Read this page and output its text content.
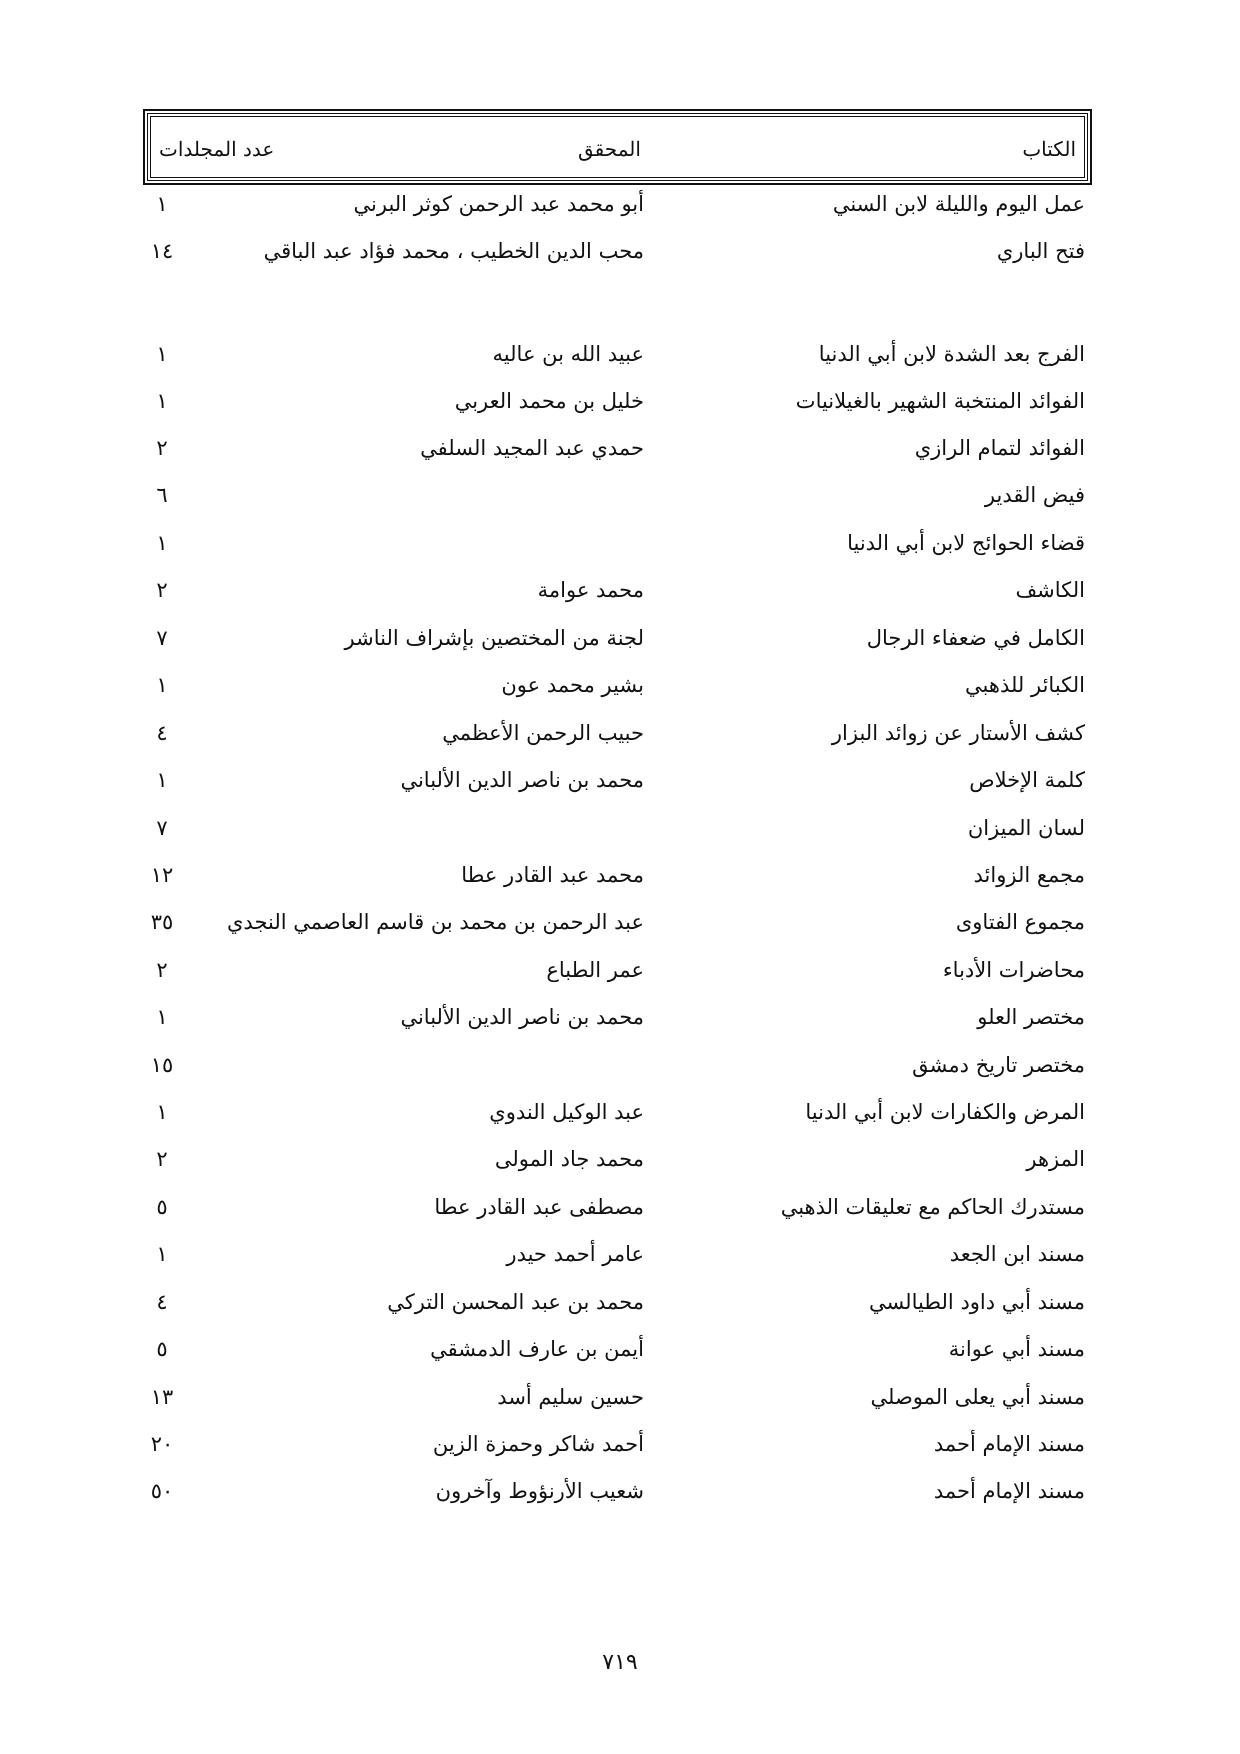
الكتاب
المحقق
عدد المجلدات
عمل اليوم والليلة لابن السني
أبو محمد عبد الرحمن كوثر البرني
١
فتح الباري
محب الدين الخطيب ، محمد فؤاد عبد الباقي
١٤
الفرج بعد الشدة لابن أبي الدنيا
عبيد الله بن عاليه
١
الفوائد المنتخبة الشهير بالغيلانيات
خليل بن محمد العربي
١
الفوائد لتمام الرازي
حمدي عبد المجيد السلفي
٢
فيض القدير
٦
قضاء الحوائج لابن أبي الدنيا
١
الكاشف
محمد عوامة
٢
الكامل في ضعفاء الرجال
لجنة من المختصين بإشراف الناشر
٧
الكبائر للذهبي
بشير محمد عون
١
كشف الأستار عن زوائد البزار
حبيب الرحمن الأعظمي
٤
كلمة الإخلاص
محمد بن ناصر الدين الألباني
١
لسان الميزان
٧
مجمع الزوائد
محمد عبد القادر عطا
١٢
مجموع الفتاوى
عبد الرحمن بن محمد بن قاسم العاصمي النجدي
٣٥
محاضرات الأدباء
عمر الطباع
٢
مختصر العلو
محمد بن ناصر الدين الألباني
١
مختصر تاريخ دمشق
١٥
المرض والكفارات لابن أبي الدنيا
عبد الوكيل الندوي
١
المزهر
محمد جاد المولى
٢
مستدرك الحاكم مع تعليقات الذهبي
مصطفى عبد القادر عطا
٥
مسند ابن الجعد
عامر أحمد حيدر
١
مسند أبي داود الطيالسي
محمد بن عبد المحسن التركي
٤
مسند أبي عوانة
أيمن بن عارف الدمشقي
٥
مسند أبي يعلى الموصلي
حسين سليم أسد
١٣
مسند الإمام أحمد
أحمد شاكر وحمزة الزين
٢٠
مسند الإمام أحمد
شعيب الأرنؤوط وآخرون
٥٠
٧١٩
